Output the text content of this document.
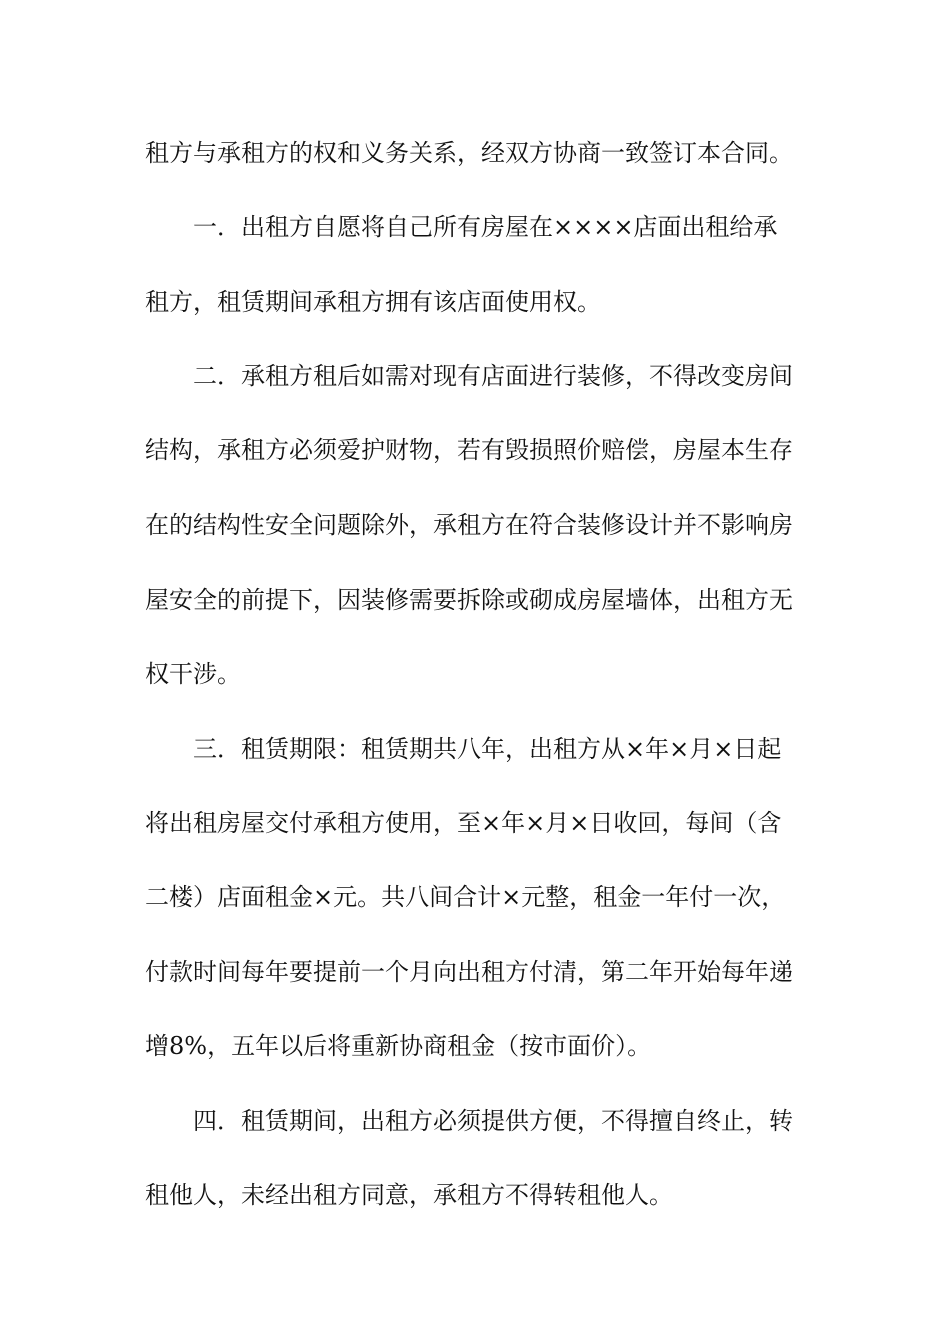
租方与承租方的权和义务关系，经双方协商一致签订本合同。
一．出租方自愿将自己所有房屋在××××店面出租给承
租方，租赁期间承租方拥有该店面使用权。
二．承租方租后如需对现有店面进行装修，不得改变房间
结构，承租方必须爱护财物，若有毁损照价赔偿，房屋本生存
在的结构性安全问题除外，承租方在符合装修设计并不影响房
屋安全的前提下，因装修需要拆除或砌成房屋墙体，出租方无
权干涉。
三．租赁期限：租赁期共八年，出租方从×年×月×日起
将出租房屋交付承租方使用，至×年×月×日收回，每间（含
二楼）店面租金×元。共八间合计×元整，租金一年付一次，
付款时间每年要提前一个月向出租方付清，第二年开始每年递
增8%，五年以后将重新协商租金（按市面价）。
四．租赁期间，出租方必须提供方便，不得擅自终止，转
租他人，未经出租方同意，承租方不得转租他人。
